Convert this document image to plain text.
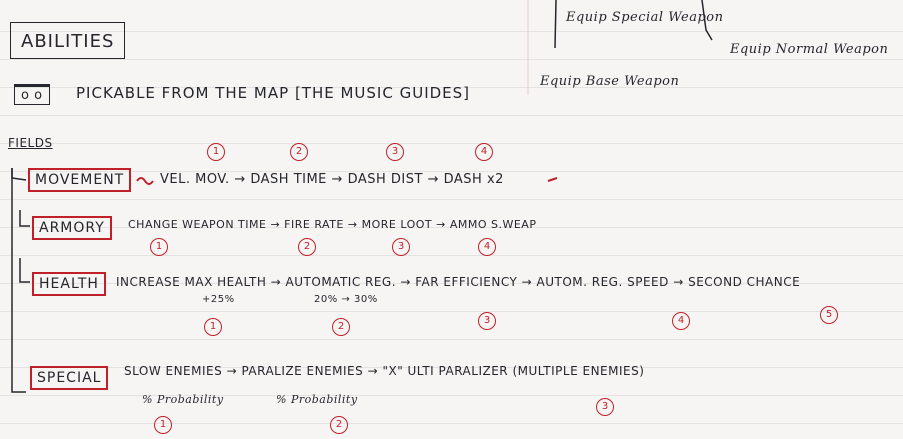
ABILITIES
o o	PICKABLE FROM THE MAP [THE MUSIC GUIDES]
Equip Special Weapon
Equip Normal Weapon
Equip Base Weapon
FIELDS
MOVEMENT
1	2	3	4
VEL. MOV. → DASH TIME → DASH DIST → DASH x2
ARMORY	CHANGE WEAPON TIME → FIRE RATE → MORE LOOT → AMMO S.WEAP
1	2	3	4
HEALTH	INCREASE MAX HEALTH → AUTOMATIC REG. → FAR EFFICIENCY → AUTOM. REG. SPEED → SECOND CHANCE
+25%	20% → 30%
1	2
3	4
5
SPECIAL	SLOW ENEMIES → PARALIZE ENEMIES → "X" ULTI PARALIZER (MULTIPLE ENEMIES)
% Probability	% Probability
1	2
3
